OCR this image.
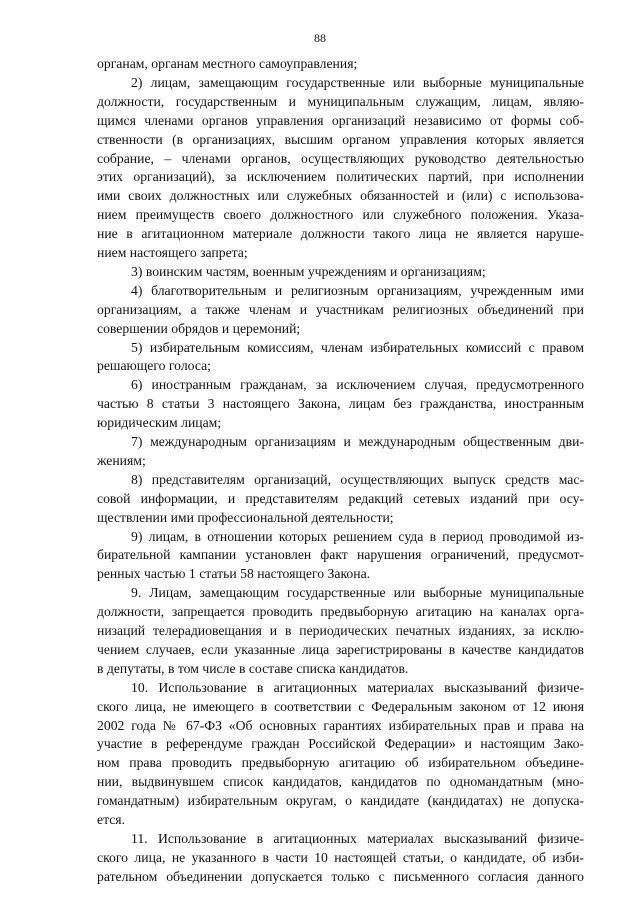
88
органам, органам местного самоуправления;
2) лицам, замещающим государственные или выборные муниципальные
должности, государственным и муниципальным служащим, лицам, являю-
щимся членами органов управления организаций независимо от формы соб-
ственности (в организациях, высшим органом управления которых является
собрание, – членами органов, осуществляющих руководство деятельностью
этих организаций), за исключением политических партий, при исполнении
ими своих должностных или служебных обязанностей и (или) с использова-
нием преимуществ своего должностного или служебного положения. Указа-
ние в агитационном материале должности такого лица не является наруше-
нием настоящего запрета;
3) воинским частям, военным учреждениям и организациям;
4) благотворительным и религиозным организациям, учрежденным ими
организациям, а также членам и участникам религиозных объединений при
совершении обрядов и церемоний;
5) избирательным комиссиям, членам избирательных комиссий с правом
решающего голоса;
6) иностранным гражданам, за исключением случая, предусмотренного
частью 8 статьи 3 настоящего Закона, лицам без гражданства, иностранным
юридическим лицам;
7) международным организациям и международным общественным дви-
жениям;
8) представителям организаций, осуществляющих выпуск средств мас-
совой информации, и представителям редакций сетевых изданий при осу-
ществлении ими профессиональной деятельности;
9) лицам, в отношении которых решением суда в период проводимой из-
бирательной кампании установлен факт нарушения ограничений, предусмот-
ренных частью 1 статьи 58 настоящего Закона.
9. Лицам, замещающим государственные или выборные муниципальные
должности, запрещается проводить предвыборную агитацию на каналах орга-
низаций телерадиовещания и в периодических печатных изданиях, за исклю-
чением случаев, если указанные лица зарегистрированы в качестве кандидатов
в депутаты, в том числе в составе списка кандидатов.
10. Использование в агитационных материалах высказываний физиче-
ского лица, не имеющего в соответствии с Федеральным законом от 12 июня
2002 года № 67-ФЗ «Об основных гарантиях избирательных прав и права на
участие в референдуме граждан Российской Федерации» и настоящим Зако-
ном права проводить предвыборную агитацию об избирательном объедине-
нии, выдвинувшем список кандидатов, кандидатов по одномандатным (мно-
гомандатным) избирательным округам, о кандидате (кандидатах) не допуска-
ется.
11. Использование в агитационных материалах высказываний физиче-
ского лица, не указанного в части 10 настоящей статьи, о кандидате, об изби-
рательном объединении допускается только с письменного согласия данного
